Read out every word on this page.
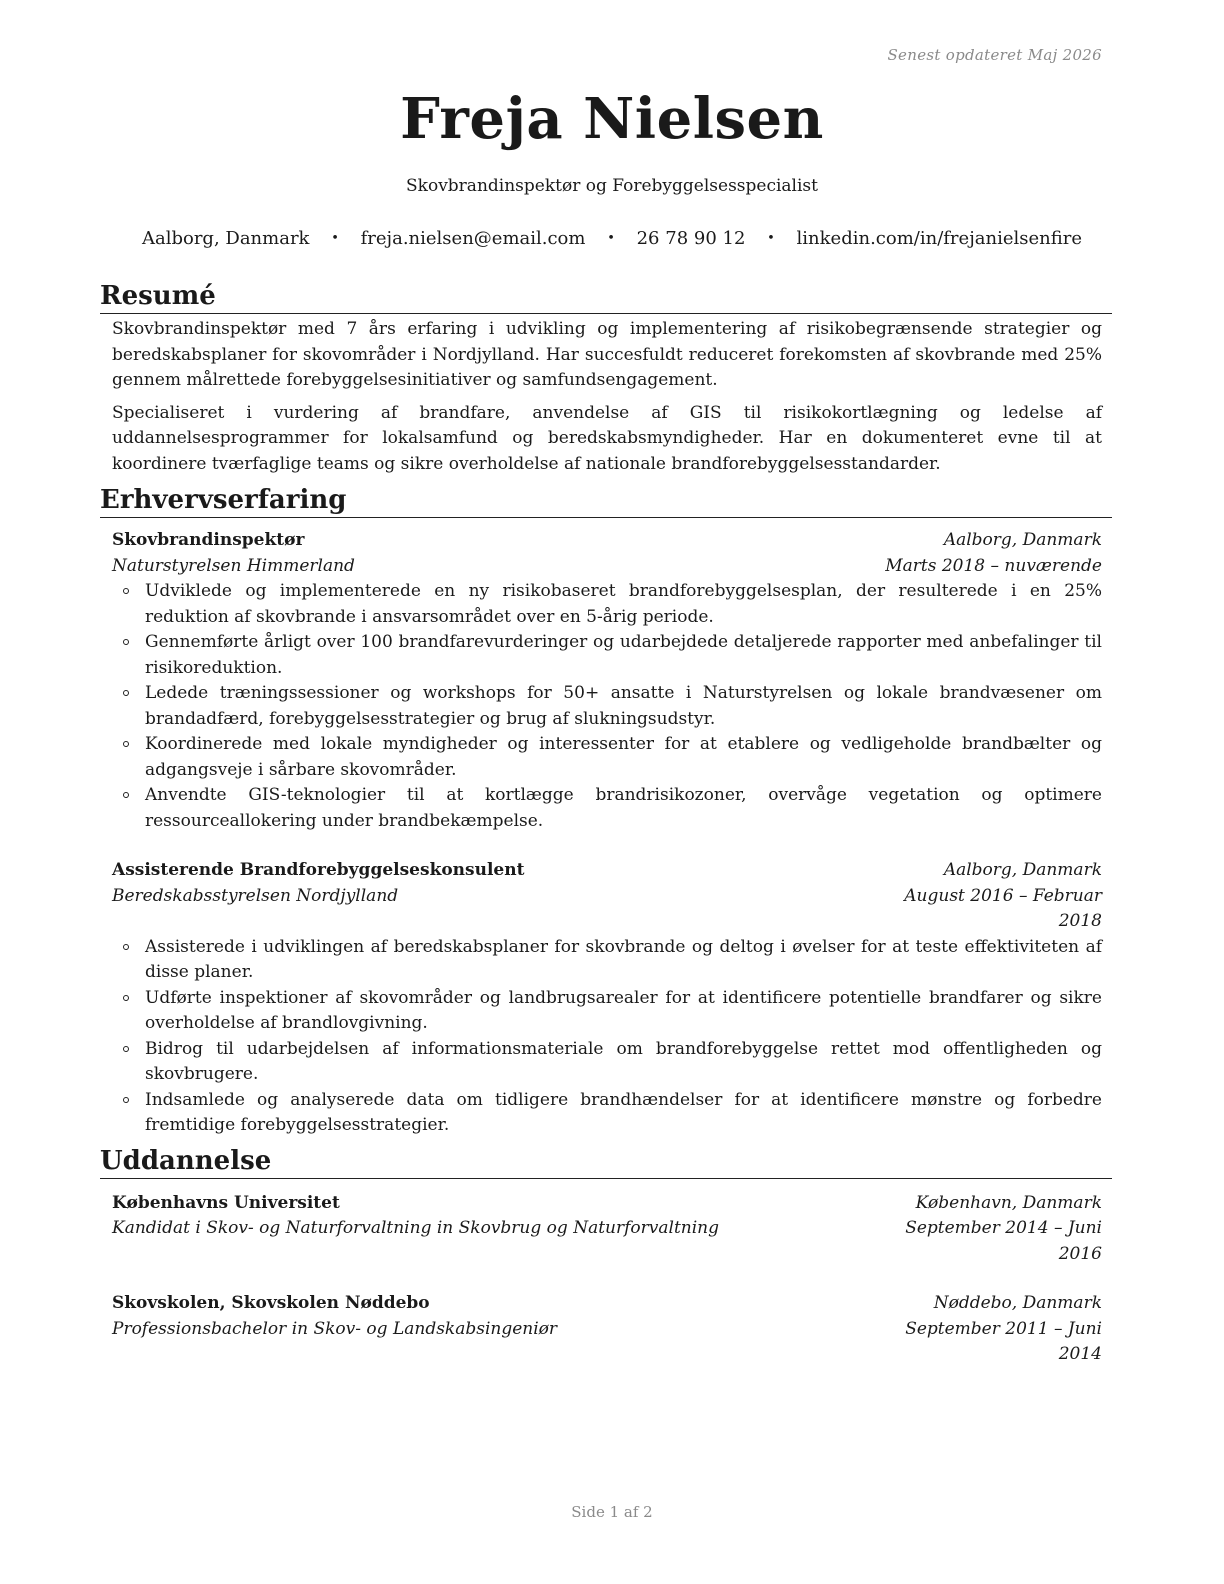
Senest opdateret Maj 2026
Freja Nielsen
Skovbrandinspektør og Forebyggelsesspecialist
Aalborg, Danmark • freja.nielsen@email.com • 26 78 90 12 • linkedin.com/in/frejanielsenfire
Resumé

Skovbrandinspektør med 7 års erfaring i udvikling og implementering af risikobegrænsende strategier og beredskabsplaner for skovområder i Nordjylland. Har succesfuldt reduceret forekomsten af skovbrande med 25% gennem målrettede forebyggelsesinitiativer og samfundsengagement.

Specialiseret i vurdering af brandfare, anvendelse af GIS til risikokortlægning og ledelse af uddannelsesprogrammer for lokalsamfund og beredskabsmyndigheder. Har en dokumenteret evne til at koordinere tværfaglige teams og sikre overholdelse af nationale brandforebyggelsesstandarder.

Erhvervserfaring
Skovbrandinspektør	Aalborg, Danmark
Naturstyrelsen Himmerland	Marts 2018 – nuværende
Udviklede og implementerede en ny risikobaseret brandforebyggelsesplan, der resulterede i en 25% reduktion af skovbrande i ansvarsområdet over en 5-årig periode.
Gennemførte årligt over 100 brandfarevurderinger og udarbejdede detaljerede rapporter med anbefalinger til risikoreduktion.
Ledede træningssessioner og workshops for 50+ ansatte i Naturstyrelsen og lokale brandvæsener om brandadfærd, forebyggelsesstrategier og brug af slukningsudstyr.
Koordinerede med lokale myndigheder og interessenter for at etablere og vedligeholde brandbælter og adgangsveje i sårbare skovområder.
Anvendte GIS-teknologier til at kortlægge brandrisikozoner, overvåge vegetation og optimere ressourceallokering under brandbekæmpelse.
Assisterende Brandforebyggelseskonsulent	Aalborg, Danmark
Beredskabsstyrelsen Nordjylland	August 2016 – Februar 2018
Assisterede i udviklingen af beredskabsplaner for skovbrande og deltog i øvelser for at teste effektiviteten af disse planer.
Udførte inspektioner af skovområder og landbrugsarealer for at identificere potentielle brandfarer og sikre overholdelse af brandlovgivning.
Bidrog til udarbejdelsen af informationsmateriale om brandforebyggelse rettet mod offentligheden og skovbrugere.
Indsamlede og analyserede data om tidligere brandhændelser for at identificere mønstre og forbedre fremtidige forebyggelsesstrategier.
Uddannelse
Københavns Universitet	København, Danmark
Kandidat i Skov- og Naturforvaltning in Skovbrug og Naturforvaltning	September 2014 – Juni 2016
Skovskolen, Skovskolen Nøddebo	Nøddebo, Danmark
Professionsbachelor in Skov- og Landskabsingeniør	September 2011 – Juni 2014
Side 1 af 2
